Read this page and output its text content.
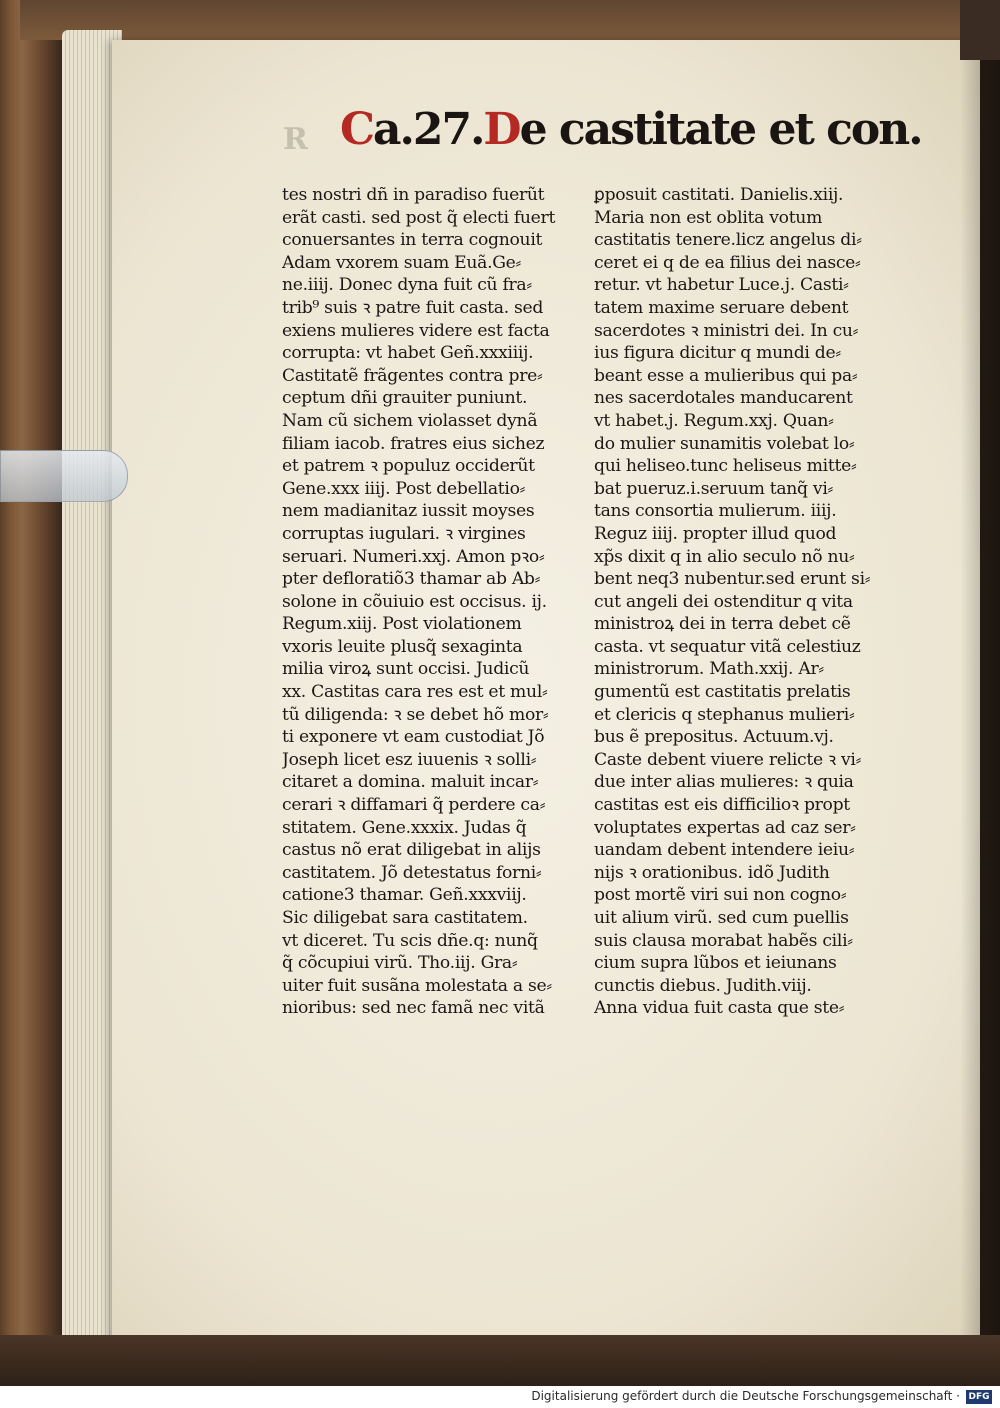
R Ca.27.De castitate et con.
tes nostri dñ in paradiso fuerũt
erãt casti. sed post q̃ electi fuert
conuersantes in terra cognouit
Adam vxorem suam Euã.Ge⸗
ne.iiij. Donec dyna fuit cũ fra⸗
trib⁹ suis ꝛ patre fuit casta. sed
exiens mulieres videre est facta
corrupta: vt habet Geñ.xxxiiij.
Castitatẽ frãgentes contra pre⸗
ceptum dñi grauiter puniunt.
Nam cũ sichem violasset dynã
filiam iacob. fratres eius sichez
et patrem ꝛ populuz occiderũt
Gene.xxx iiij. Post debellatio⸗
nem madianitaz iussit moyses
corruptas iugulari. ꝛ virgines
seruari. Numeri.xxj. Amon pꝛo⸗
pter defloratiõ3 thamar ab Ab⸗
solone in cõuiuio est occisus. ij.
Regum.xiij. Post violationem
vxoris leuite plusq̃ sexaginta
milia viroꝝ sunt occisi. Judicũ
xx. Castitas cara res est et mul⸗
tũ diligenda: ꝛ se debet hõ mor⸗
ti exponere vt eam custodiat Jõ
Joseph licet esz iuuenis ꝛ solli⸗
citaret a domina. maluit incar⸗
cerari ꝛ diffamari q̃ perdere ca⸗
stitatem. Gene.xxxix. Judas q̃
castus nõ erat diligebat in alijs
castitatem. Jõ detestatus forni⸗
catione3 thamar. Geñ.xxxviij.
Sic diligebat sara castitatem.
vt diceret. Tu scis dñe.q: nunq̃
q̃ cõcupiui virũ. Tho.iij. Gra⸗
uiter fuit susãna molestata a se⸗
nioribus: sed nec famã nec vitã
ꝑposuit castitati. Danielis.xiij.
Maria non est oblita votum
castitatis tenere.licz angelus di⸗
ceret ei q de ea filius dei nasce⸗
retur. vt habetur Luce.j. Casti⸗
tatem maxime seruare debent
sacerdotes ꝛ ministri dei. In cu⸗
ius figura dicitur q mundi de⸗
beant esse a mulieribus qui pa⸗
nes sacerdotales manducarent
vt habet.j. Regum.xxj. Quan⸗
do mulier sunamitis volebat lo⸗
qui heliseo.tunc heliseus mitte⸗
bat pueruz.i.seruum tanq̃ vi⸗
tans consortia mulierum. iiij.
Reguz iiij. propter illud quod
xp̃s dixit q in alio seculo nõ nu⸗
bent neq3 nubentur.sed erunt si⸗
cut angeli dei ostenditur q vita
ministroꝝ dei in terra debet cẽ
casta. vt sequatur vitã celestiuz
ministrorum. Math.xxij. Ar⸗
gumentũ est castitatis prelatis
et clericis q stephanus mulieri⸗
bus ẽ prepositus. Actuum.vj.
Caste debent viuere relicte ꝛ vi⸗
due inter alias mulieres: ꝛ quia
castitas est eis difficilioꝛ propt
voluptates expertas ad caz ser⸗
uandam debent intendere ieiu⸗
nijs ꝛ orationibus. idõ Judith
post mortẽ viri sui non cogno⸗
uit alium virũ. sed cum puellis
suis clausa morabat habẽs cili⸗
cium supra lũbos et ieiunans
cunctis diebus. Judith.viij.
Anna vidua fuit casta que ste⸗
Digitalisierung gefördert durch die Deutsche Forschungsgemeinschaft · DFG
